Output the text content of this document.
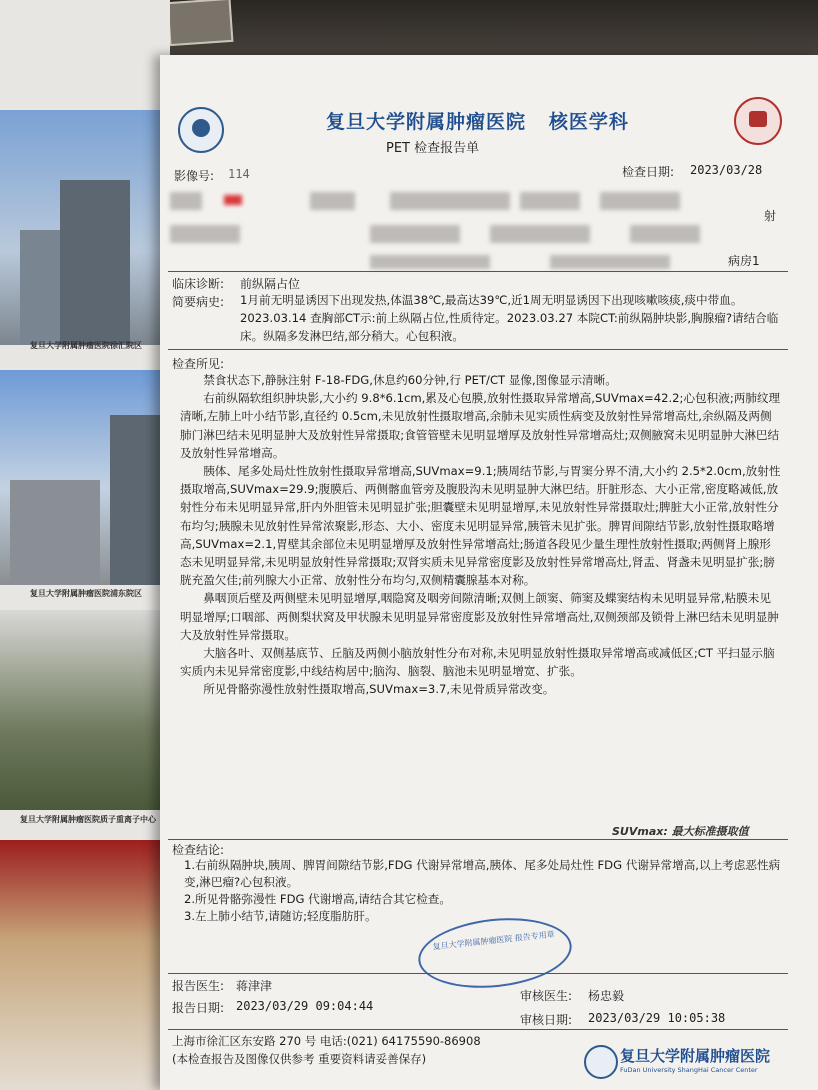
复旦大学附属肿瘤医院徐汇院区
复旦大学附属肿瘤医院浦东院区
复旦大学附属肿瘤医院质子重离子中心
复旦大学附属肿瘤医院 核医学科
PET 检查报告单
影像号: 114	检查日期: 2023/03/28
射
病房1
临床诊断: 前纵隔占位
简要病史: 1月前无明显诱因下出现发热,体温38℃,最高达39℃,近1周无明显诱因下出现咳嗽咳痰,痰中带血。2023.03.14 查胸部CT示:前上纵隔占位,性质待定。2023.03.27 本院CT:前纵隔肿块影,胸腺瘤?请结合临床。纵隔多发淋巴结,部分稍大。心包积液。

检查所见:

禁食状态下,静脉注射 F-18-FDG,休息约60分钟,行 PET/CT 显像,图像显示清晰。

右前纵隔软组织肿块影,大小约 9.8*6.1cm,累及心包膜,放射性摄取异常增高,SUVmax=42.2;心包积液;两肺纹理清晰,左肺上叶小结节影,直径约 0.5cm,未见放射性摄取增高,余肺未见实质性病变及放射性异常增高灶,余纵隔及两侧肺门淋巴结未见明显肿大及放射性异常摄取;食管管壁未见明显增厚及放射性异常增高灶;双侧腋窝未见明显肿大淋巴结及放射性异常增高。

胰体、尾多处局灶性放射性摄取异常增高,SUVmax=9.1;胰周结节影,与胃窦分界不清,大小约 2.5*2.0cm,放射性摄取增高,SUVmax=29.9;腹膜后、两侧髂血管旁及腹股沟未见明显肿大淋巴结。肝脏形态、大小正常,密度略减低,放射性分布未见明显异常,肝内外胆管未见明显扩张;胆囊壁未见明显增厚,未见放射性异常摄取灶;脾脏大小正常,放射性分布均匀;胰腺未见放射性异常浓聚影,形态、大小、密度未见明显异常,胰管未见扩张。脾胃间隙结节影,放射性摄取略增高,SUVmax=2.1,胃壁其余部位未见明显增厚及放射性异常增高灶;肠道各段见少量生理性放射性摄取;两侧肾上腺形态未见明显异常,未见明显放射性异常摄取;双肾实质未见异常密度影及放射性异常增高灶,肾盂、肾盏未见明显扩张;膀胱充盈欠佳;前列腺大小正常、放射性分布均匀,双侧精囊腺基本对称。

鼻咽顶后壁及两侧壁未见明显增厚,咽隐窝及咽旁间隙清晰;双侧上颌窦、筛窦及蝶窦结构未见明显异常,粘膜未见明显增厚;口咽部、两侧梨状窝及甲状腺未见明显异常密度影及放射性异常增高灶,双侧颈部及锁骨上淋巴结未见明显肿大及放射性异常摄取。

大脑各叶、双侧基底节、丘脑及两侧小脑放射性分布对称,未见明显放射性摄取异常增高或减低区;CT 平扫显示脑实质内未见异常密度影,中线结构居中;脑沟、脑裂、脑池未见明显增宽、扩张。

所见骨骼弥漫性放射性摄取增高,SUVmax=3.7,未见骨质异常改变。

SUVmax: 最大标准摄取值
检查结论:

1.右前纵隔肿块,胰周、脾胃间隙结节影,FDG 代谢异常增高,胰体、尾多处局灶性 FDG 代谢异常增高,以上考虑恶性病变,淋巴瘤?心包积液。

2.所见骨骼弥漫性 FDG 代谢增高,请结合其它检查。

3.左上肺小结节,请随访;轻度脂肪肝。

复旦大学附属肿瘤医院 报告专用章
报告医生: 蒋津津
报告日期: 2023/03/29 09:04:44
审核医生: 杨忠毅
审核日期: 2023/03/29 10:05:38
上海市徐汇区东安路 270 号 电话:(021) 64175590-86908
(本检查报告及图像仅供参考 重要资料请妥善保存)	复旦大学附属肿瘤医院
FuDan University ShangHai Cancer Center
